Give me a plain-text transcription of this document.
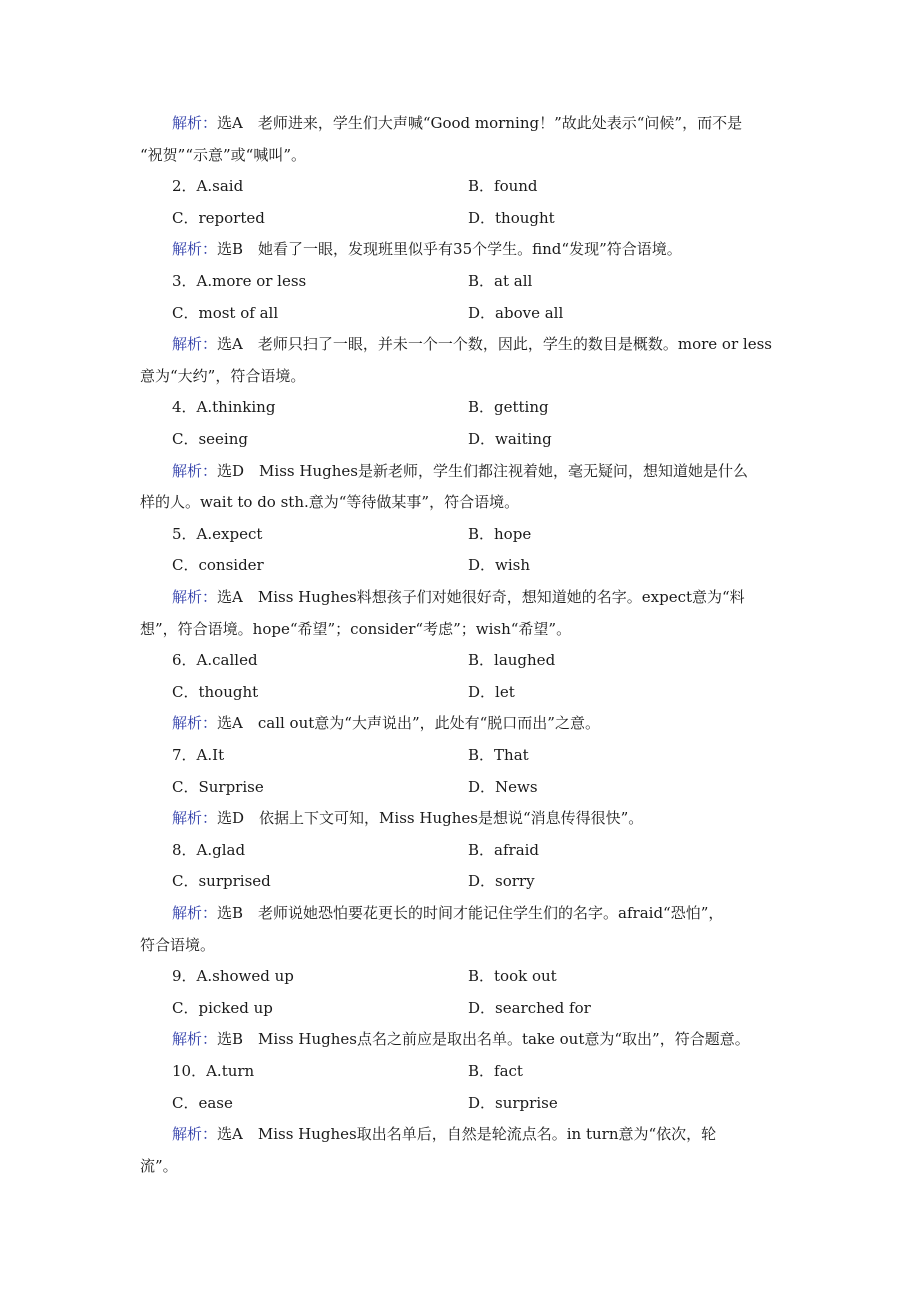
解析：选A　老师进来，学生们大声喊“Good morning！”故此处表示“问候”，而不是
“祝贺”“示意”或“喊叫”。
2．A.said	B．found
C．reported	D．thought
解析：选B　她看了一眼，发现班里似乎有35个学生。find“发现”符合语境。
3．A.more or less	B．at all
C．most of all	D．above all
解析：选A　老师只扫了一眼，并未一个一个数，因此，学生的数目是概数。more or less
意为“大约”，符合语境。
4．A.thinking	B．getting
C．seeing	D．waiting
解析：选D　Miss Hughes是新老师，学生们都注视着她，毫无疑问，想知道她是什么
样的人。wait to do sth.意为“等待做某事”，符合语境。
5．A.expect	B．hope
C．consider	D．wish
解析：选A　Miss Hughes料想孩子们对她很好奇，想知道她的名字。expect意为“料
想”，符合语境。hope“希望”；consider“考虑”；wish“希望”。
6．A.called	B．laughed
C．thought	D．let
解析：选A　call out意为“大声说出”，此处有“脱口而出”之意。
7．A.It	B．That
C．Surprise	D．News
解析：选D　依据上下文可知，Miss Hughes是想说“消息传得很快”。
8．A.glad	B．afraid
C．surprised	D．sorry
解析：选B　老师说她恐怕要花更长的时间才能记住学生们的名字。afraid“恐怕”，
符合语境。
9．A.showed up	B．took out
C．picked up	D．searched for
解析：选B　Miss Hughes点名之前应是取出名单。take out意为“取出”，符合题意。
10．A.turn	B．fact
C．ease	D．surprise
解析：选A　Miss Hughes取出名单后，自然是轮流点名。in turn意为“依次，轮
流”。
